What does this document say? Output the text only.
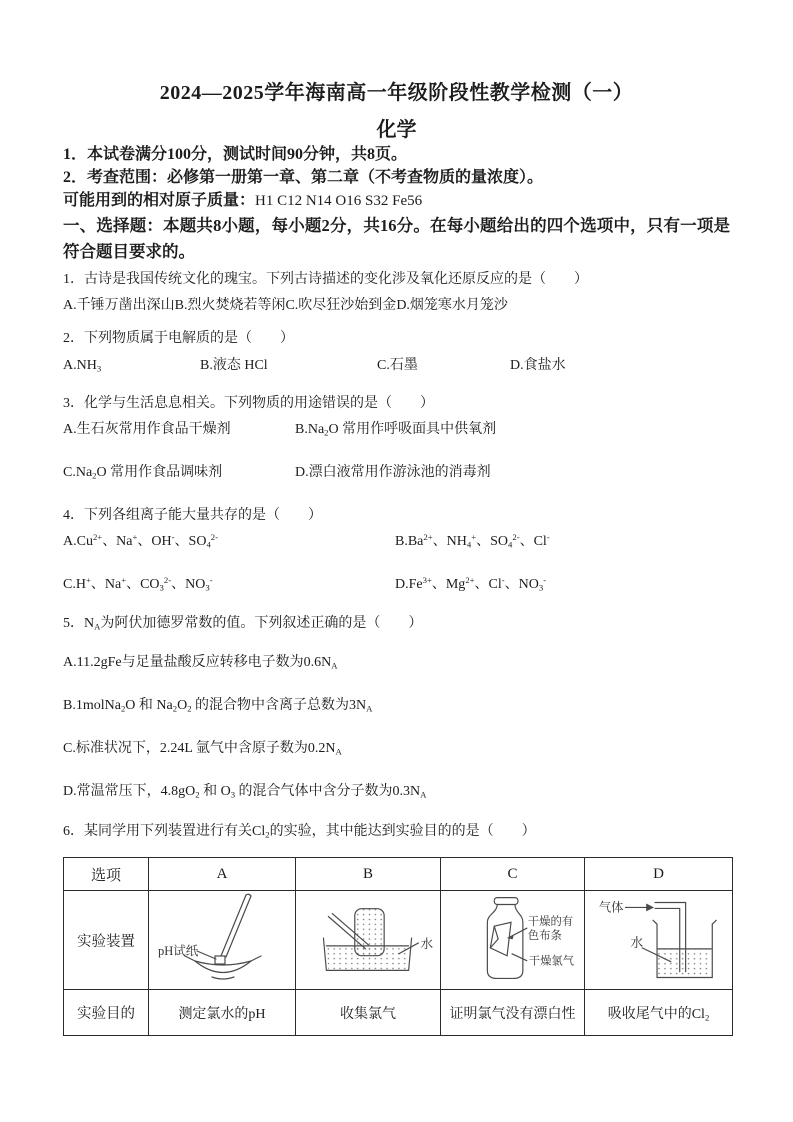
2024—2025学年海南高一年级阶段性教学检测（一）
化学

1．本试卷满分100分，测试时间90分钟，共8页。

2．考查范围：必修第一册第一章、第二章（不考查物质的量浓度）。

可能用到的相对原子质量：H1 C12 N14 O16 S32 Fe56

一、选择题：本题共8小题，每小题2分，共16分。在每小题给出的四个选项中，只有一项是符合题目要求的。

1．古诗是我国传统文化的瑰宝。下列古诗描述的变化涉及氧化还原反应的是（　　）

A.千锤万凿出深山 B.烈火焚烧若等闲 C.吹尽狂沙始到金 D.烟笼寒水月笼沙

2．下列物质属于电解质的是（　　）

$A.NH_3$	B.液态 HCl	C.石墨	D.食盐水

3．化学与生活息息相关。下列物质的用途错误的是（　　）

A.生石灰常用作食品干燥剂	$B.Na_2O$ 常用作呼吸面具中供氧剂
$C.Na_2O$ 常用作食品调味剂	D.漂白液常用作游泳池的消毒剂

4．下列各组离子能大量共存的是（　　）

$A.Cu^{2+}$、Na+、OH-、$SO_4^{2-}$	$B.Ba^{2+}$、$NH_4^+$、$SO_4^{2-}$、Cl-
C.H+、Na+、$CO_3^{2-}$、$NO_3^-$	$D.Fe^{3+}$、$Mg^{2+}$、Cl-、$NO_3^-$

5．$N_A$为阿伏加德罗常数的值。下列叙述正确的是（　　）

A.11.2gFe与足量盐酸反应转移电子数为$0.6N_A$

B.1molNa$_2$O 和 $Na_2O_2$ 的混合物中含离子总数为$3N_A$

C.标准状况下，2.24L 氩气中含原子数为$0.2N_A$

D.常温常压下，$4.8gO_2$ 和 $O_3$ 的混合气体中含分子数为$0.3N_A$

6．某同学用下列装置进行有关$Cl_2$的实验，其中能达到实验目的的是（　　）

选项	A	B	C	D
实验装置	pH试纸	水	干燥的有
色布条
干燥氯气	气体
水

实验目的	测定氯水的pH	收集氯气	证明氯气没有漂白性	吸收尾气中的$Cl_2$
